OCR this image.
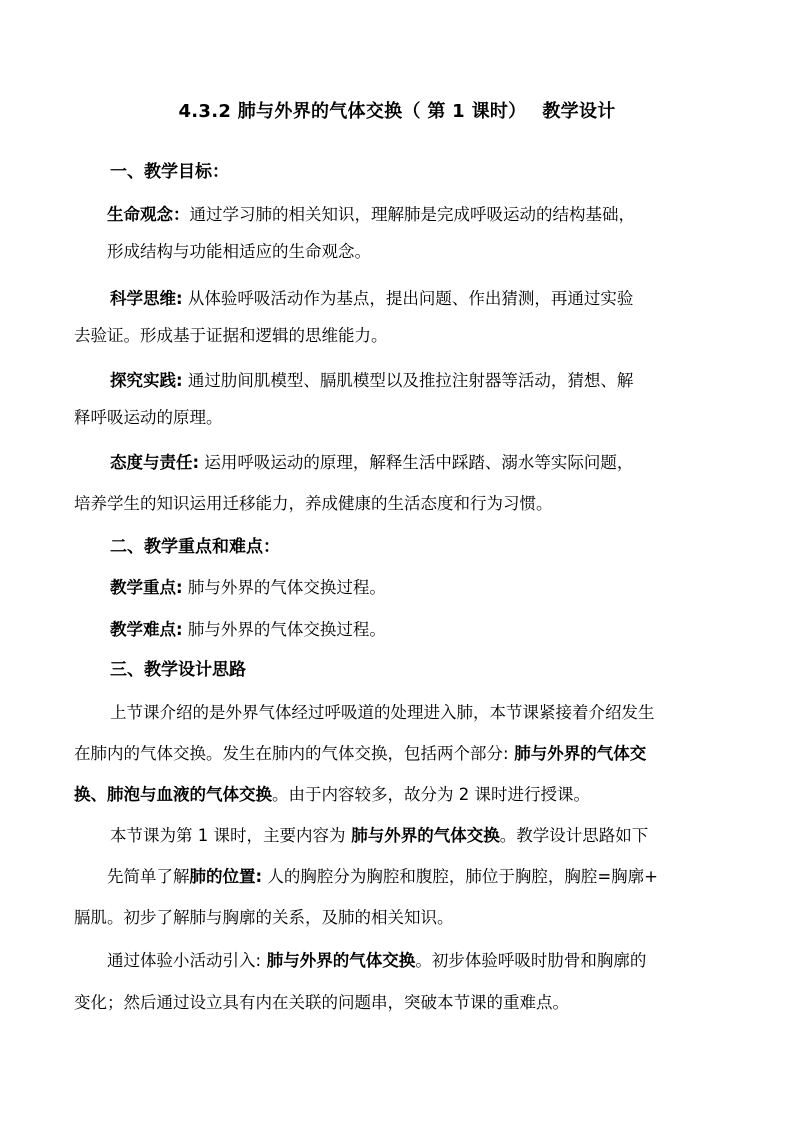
4.3.2 肺与外界的气体交换（ 第 1 课时）　 教学设计
一、教学目标：
生命观念：通过学习肺的相关知识，理解肺是完成呼吸运动的结构基础，
形成结构与功能相适应的生命观念。
科学思维: 从体验呼吸活动作为基点，提出问题、作出猜测，再通过实验
去验证。形成基于证据和逻辑的思维能力。
探究实践: 通过肋间肌模型、膈肌模型以及推拉注射器等活动，猜想、解
释呼吸运动的原理。
态度与责任: 运用呼吸运动的原理，解释生活中踩踏、溺水等实际问题，
培养学生的知识运用迁移能力，养成健康的生活态度和行为习惯。
二、教学重点和难点：
教学重点: 肺与外界的气体交换过程。
教学难点: 肺与外界的气体交换过程。
三、教学设计思路
上节课介绍的是外界气体经过呼吸道的处理进入肺，本节课紧接着介绍发生
在肺内的气体交换。发生在肺内的气体交换，包括两个部分: 肺与外界的气体交
换、肺泡与血液的气体交换。由于内容较多，故分为 2 课时进行授课。
本节课为第 1 课时，主要内容为 肺与外界的气体交换。教学设计思路如下
先简单了解肺的位置: 人的胸腔分为胸腔和腹腔，肺位于胸腔，胸腔=胸廓+
膈肌。初步了解肺与胸廓的关系，及肺的相关知识。
通过体验小活动引入: 肺与外界的气体交换。初步体验呼吸时肋骨和胸廓的
变化；然后通过设立具有内在关联的问题串，突破本节课的重难点。
